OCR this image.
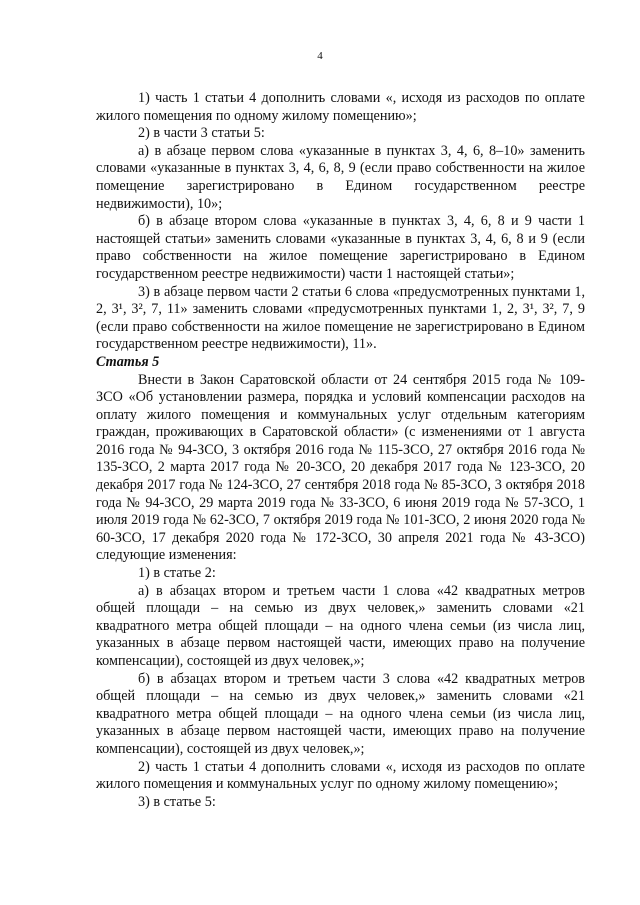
4

1) часть 1 статьи 4 дополнить словами «, исходя из расходов по оплате жилого помещения по одному жилому помещению»;

2) в части 3 статьи 5:

а) в абзаце первом слова «указанные в пунктах 3, 4, 6, 8–10» заменить словами «указанные в пунктах 3, 4, 6, 8, 9 (если право собственности на жилое помещение зарегистрировано в Едином государственном реестре недвижимости), 10»;

б) в абзаце втором слова «указанные в пунктах 3, 4, 6, 8 и 9 части 1 настоящей статьи» заменить словами «указанные в пунктах 3, 4, 6, 8 и 9 (если право собственности на жилое помещение зарегистрировано в Едином государственном реестре недвижимости) части 1 настоящей статьи»;

3) в абзаце первом части 2 статьи 6 слова «предусмотренных пунктами 1, 2, 3¹, 3², 7, 11» заменить словами «предусмотренных пунктами 1, 2, 3¹, 3², 7, 9 (если право собственности на жилое помещение не зарегистрировано в Едином государственном реестре недвижимости), 11».

Статья 5

Внести в Закон Саратовской области от 24 сентября 2015 года № 109-ЗСО «Об установлении размера, порядка и условий компенсации расходов на оплату жилого помещения и коммунальных услуг отдельным категориям граждан, проживающих в Саратовской области» (с изменениями от 1 августа 2016 года № 94-ЗСО, 3 октября 2016 года № 115-ЗСО, 27 октября 2016 года № 135-ЗСО, 2 марта 2017 года № 20-ЗСО, 20 декабря 2017 года № 123-ЗСО, 20 декабря 2017 года № 124-ЗСО, 27 сентября 2018 года № 85-ЗСО, 3 октября 2018 года № 94-ЗСО, 29 марта 2019 года № 33-ЗСО, 6 июня 2019 года № 57-ЗСО, 1 июля 2019 года № 62-ЗСО, 7 октября 2019 года № 101-ЗСО, 2 июня 2020 года № 60-ЗСО, 17 декабря 2020 года № 172-ЗСО, 30 апреля 2021 года № 43-ЗСО) следующие изменения:

1) в статье 2:

а) в абзацах втором и третьем части 1 слова «42 квадратных метров общей площади – на семью из двух человек,» заменить словами «21 квадратного метра общей площади – на одного члена семьи (из числа лиц, указанных в абзаце первом настоящей части, имеющих право на получение компенсации), состоящей из двух человек,»;

б) в абзацах втором и третьем части 3 слова «42 квадратных метров общей площади – на семью из двух человек,» заменить словами «21 квадратного метра общей площади – на одного члена семьи (из числа лиц, указанных в абзаце первом настоящей части, имеющих право на получение компенсации), состоящей из двух человек,»;

2) часть 1 статьи 4 дополнить словами «, исходя из расходов по оплате жилого помещения и коммунальных услуг по одному жилому помещению»;

3) в статье 5:
